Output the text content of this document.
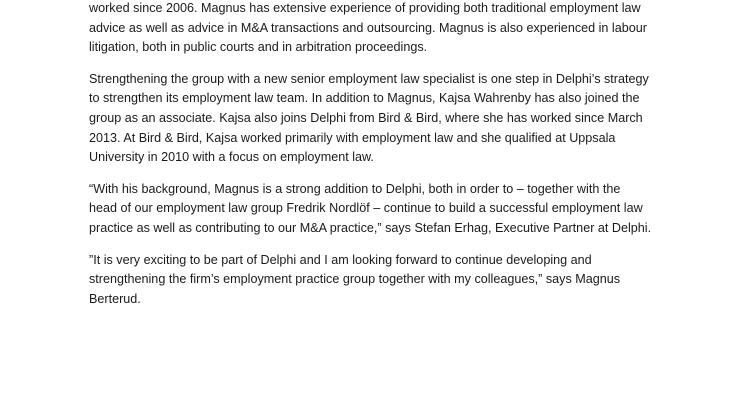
worked since 2006. Magnus has extensive experience of providing both traditional employment law
advice as well as advice in M&A transactions and outsourcing. Magnus is also experienced in labour
litigation, both in public courts and in arbitration proceedings.

Strengthening the group with a new senior employment law specialist is one step in Delphi’s strategy
to strengthen its employment law team. In addition to Magnus, Kajsa Wahrenby has also joined the
group as an associate. Kajsa also joins Delphi from Bird & Bird, where she has worked since March
2013. At Bird & Bird, Kajsa worked primarily with employment law and she qualified at Uppsala
University in 2010 with a focus on employment law.

“With his background, Magnus is a strong addition to Delphi, both in order to – together with the
head of our employment law group Fredrik Nordlöf – continue to build a successful employment law
practice as well as contributing to our M&A practice,” says Stefan Erhag, Executive Partner at Delphi.

”It is very exciting to be part of Delphi and I am looking forward to continue developing and
strengthening the firm’s employment practice group together with my colleagues,” says Magnus
Berterud.
